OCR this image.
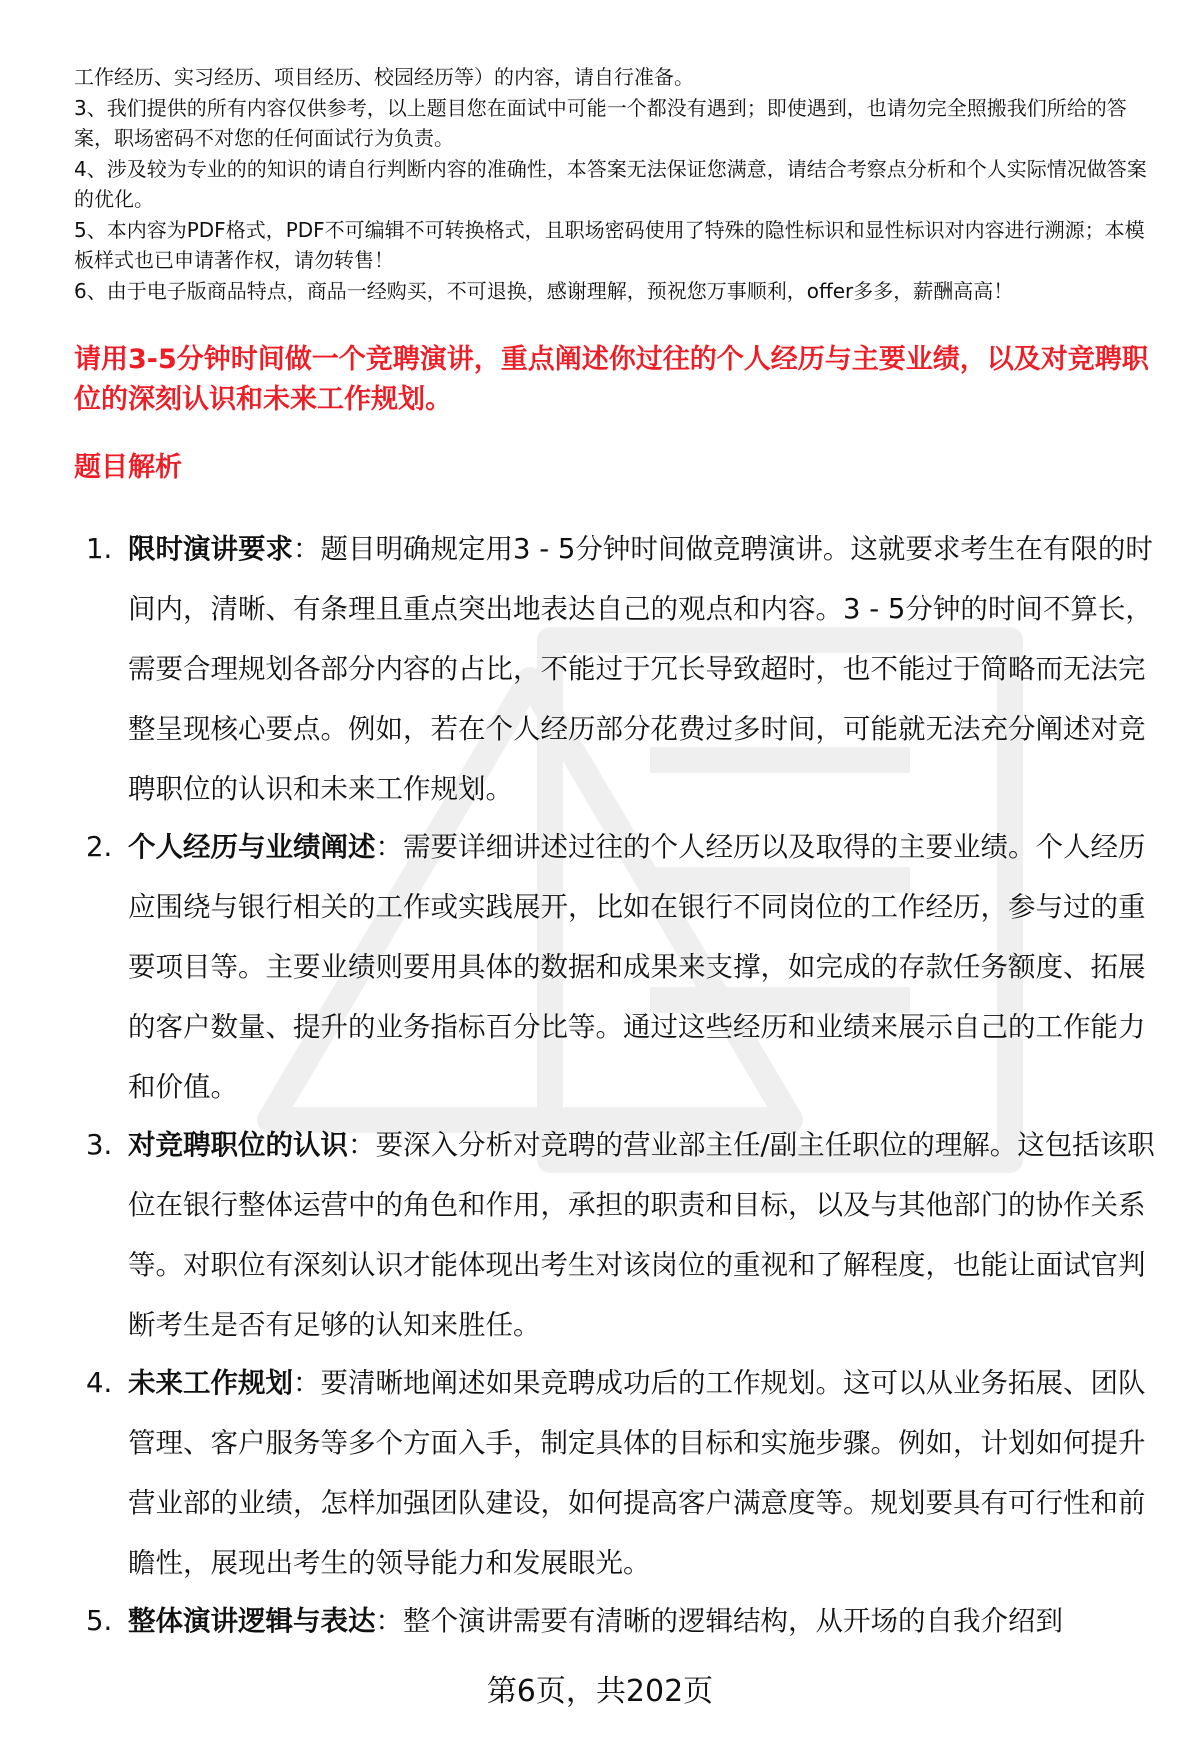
工作经历、实习经历、项目经历、校园经历等）的内容，请自行准备。

3、我们提供的所有内容仅供参考，以上题目您在面试中可能一个都没有遇到；即使遇到，也请勿完全照搬我们所给的答案，职场密码不对您的任何面试行为负责。

4、涉及较为专业的的知识的请自行判断内容的准确性，本答案无法保证您满意，请结合考察点分析和个人实际情况做答案的优化。

5、本内容为PDF格式，PDF不可编辑不可转换格式，且职场密码使用了特殊的隐性标识和显性标识对内容进行溯源；本模板样式也已申请著作权，请勿转售！

6、由于电子版商品特点，商品一经购买，不可退换，感谢理解，预祝您万事顺利，offer多多，薪酬高高！

请用3-5分钟时间做一个竞聘演讲，重点阐述你过往的个人经历与主要业绩，以及对竞聘职位的深刻认识和未来工作规划。

题目解析
1. 限时演讲要求：题目明确规定用3 - 5分钟时间做竞聘演讲。这就要求考生在有限的时间内，清晰、有条理且重点突出地表达自己的观点和内容。3 - 5分钟的时间不算长，需要合理规划各部分内容的占比，不能过于冗长导致超时，也不能过于简略而无法完整呈现核心要点。例如，若在个人经历部分花费过多时间，可能就无法充分阐述对竞聘职位的认识和未来工作规划。
2. 个人经历与业绩阐述：需要详细讲述过往的个人经历以及取得的主要业绩。个人经历应围绕与银行相关的工作或实践展开，比如在银行不同岗位的工作经历，参与过的重要项目等。主要业绩则要用具体的数据和成果来支撑，如完成的存款任务额度、拓展的客户数量、提升的业务指标百分比等。通过这些经历和业绩来展示自己的工作能力和价值。
3. 对竞聘职位的认识：要深入分析对竞聘的营业部主任/副主任职位的理解。这包括该职位在银行整体运营中的角色和作用，承担的职责和目标，以及与其他部门的协作关系等。对职位有深刻认识才能体现出考生对该岗位的重视和了解程度，也能让面试官判断考生是否有足够的认知来胜任。
4. 未来工作规划：要清晰地阐述如果竞聘成功后的工作规划。这可以从业务拓展、团队管理、客户服务等多个方面入手，制定具体的目标和实施步骤。例如，计划如何提升营业部的业绩，怎样加强团队建设，如何提高客户满意度等。规划要具有可行性和前瞻性，展现出考生的领导能力和发展眼光。
5. 整体演讲逻辑与表达：整个演讲需要有清晰的逻辑结构，从开场的自我介绍到
第6页，共202页
